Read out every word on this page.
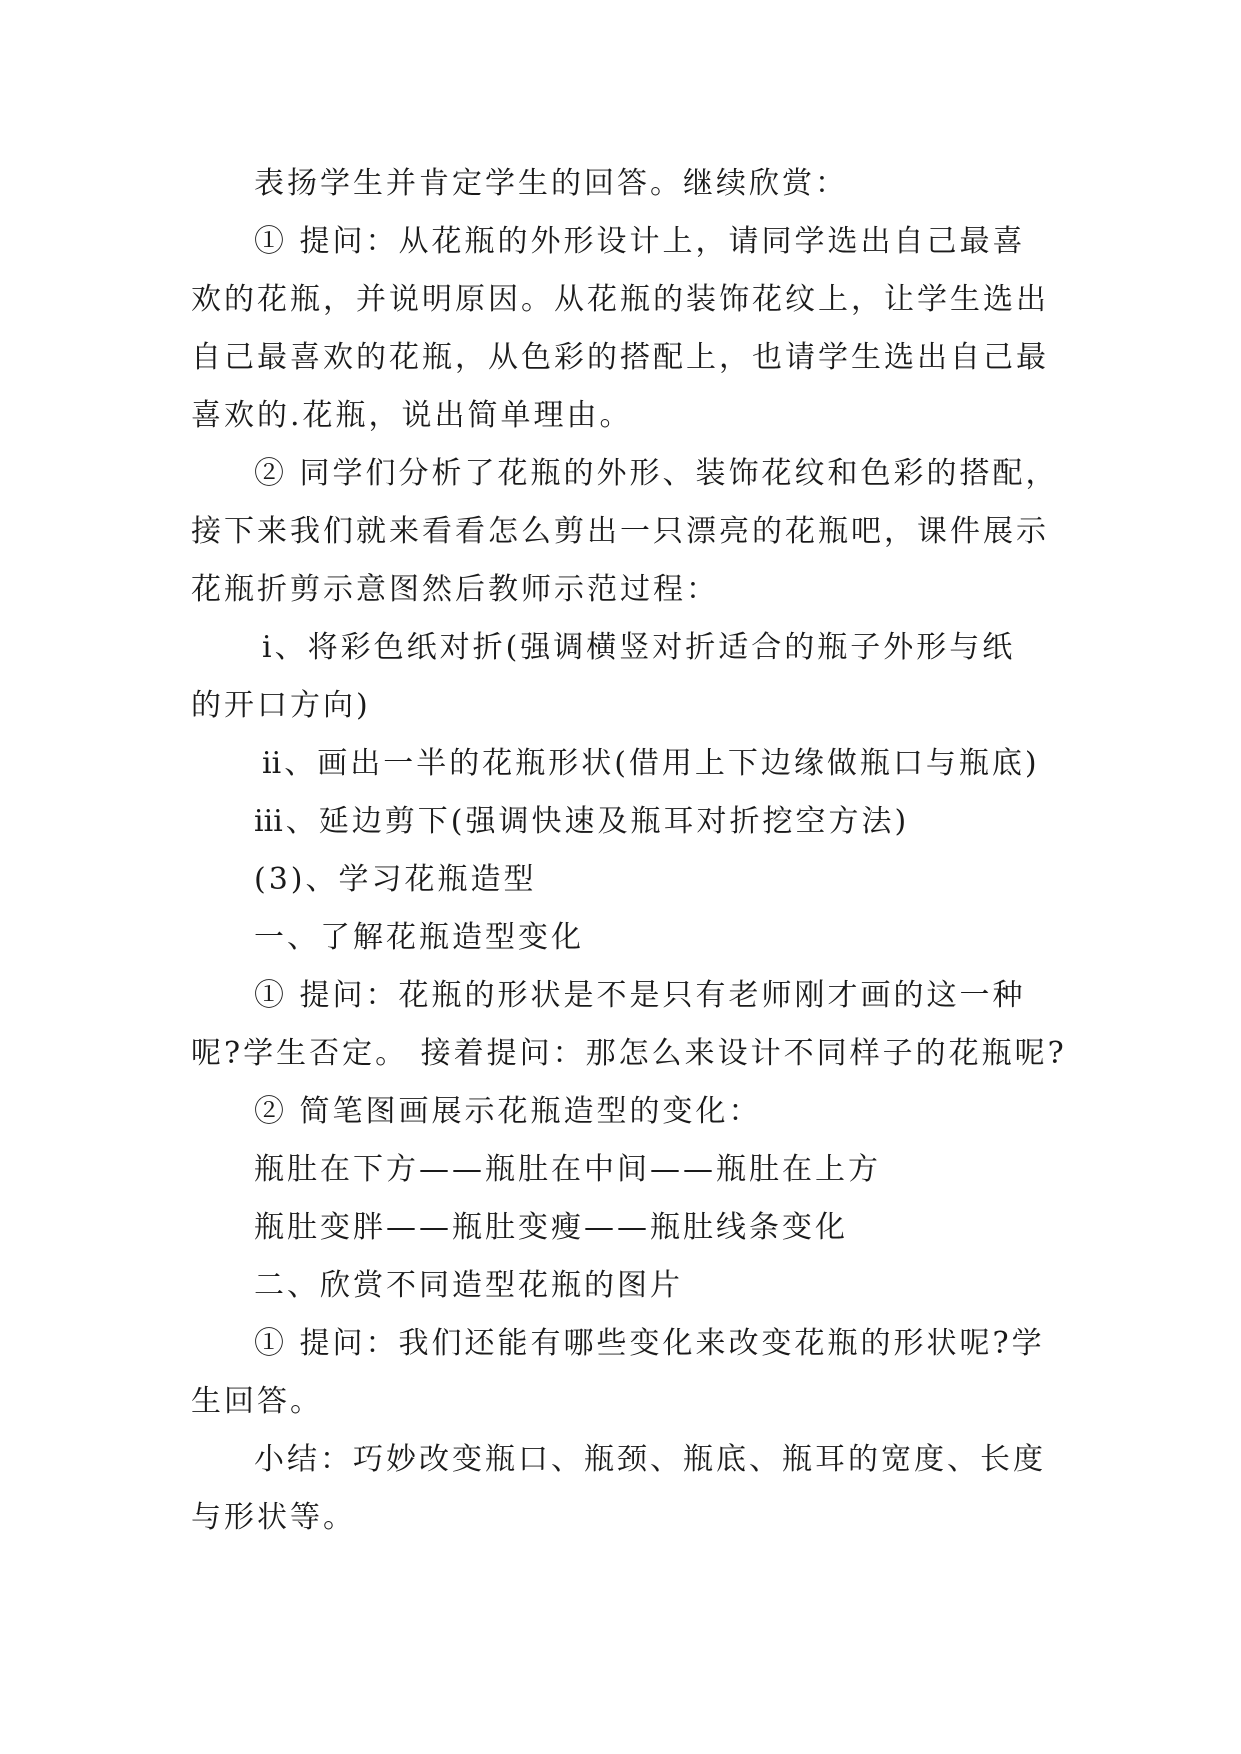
表扬学生并肯定学生的回答。继续欣赏：
① 提问：从花瓶的外形设计上，请同学选出自己最喜
欢的花瓶，并说明原因。从花瓶的装饰花纹上，让学生选出
自己最喜欢的花瓶，从色彩的搭配上，也请学生选出自己最
喜欢的.花瓶，说出简单理由。
② 同学们分析了花瓶的外形、装饰花纹和色彩的搭配，
接下来我们就来看看怎么剪出一只漂亮的花瓶吧，课件展示
花瓶折剪示意图然后教师示范过程：
ⅰ、将彩色纸对折(强调横竖对折适合的瓶子外形与纸
的开口方向)
ⅱ、画出一半的花瓶形状(借用上下边缘做瓶口与瓶底)
ⅲ、延边剪下(强调快速及瓶耳对折挖空方法)
(3)、学习花瓶造型
一、了解花瓶造型变化
① 提问：花瓶的形状是不是只有老师刚才画的这一种
呢?学生否定。 接着提问：那怎么来设计不同样子的花瓶呢?
② 简笔图画展示花瓶造型的变化：
瓶肚在下方——瓶肚在中间——瓶肚在上方
瓶肚变胖——瓶肚变瘦——瓶肚线条变化
二、欣赏不同造型花瓶的图片
① 提问：我们还能有哪些变化来改变花瓶的形状呢?学
生回答。
小结：巧妙改变瓶口、瓶颈、瓶底、瓶耳的宽度、长度
与形状等。
